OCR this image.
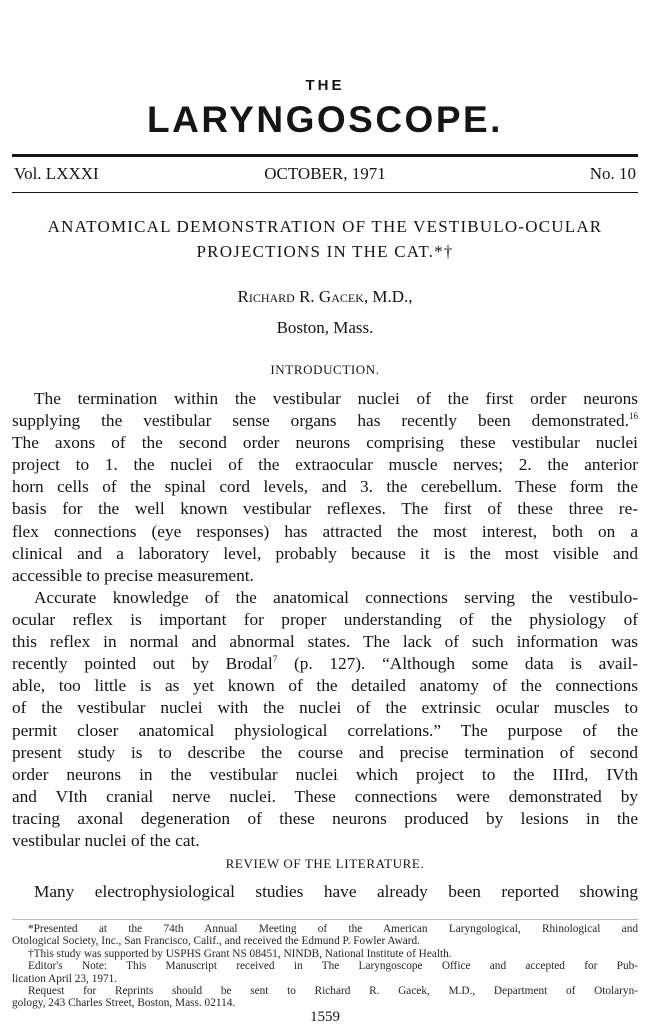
THE
LARYNGOSCOPE.
OCTOBER, 1971
Vol. LXXXI	No. 10
ANATOMICAL DEMONSTRATION OF THE VESTIBULO-OCULAR
PROJECTIONS IN THE CAT.*†
Richard R. Gacek, M.D.,
Boston, Mass.
INTRODUCTION.
The termination within the vestibular nuclei of the first order neurons
supplying the vestibular sense organs has recently been demonstrated.$^{16}$
The axons of the second order neurons comprising these vestibular nuclei
project to 1. the nuclei of the extraocular muscle nerves; 2. the anterior
horn cells of the spinal cord levels, and 3. the cerebellum. These form the
basis for the well known vestibular reflexes. The first of these three re-
flex connections (eye responses) has attracted the most interest, both on a
clinical and a laboratory level, probably because it is the most visible and
accessible to precise measurement.
Accurate knowledge of the anatomical connections serving the vestibulo-
ocular reflex is important for proper understanding of the physiology of
this reflex in normal and abnormal states. The lack of such information was
recently pointed out by Brodal$^7$ (p. 127). “Although some data is avail-
able, too little is as yet known of the detailed anatomy of the connections
of the vestibular nuclei with the nuclei of the extrinsic ocular muscles to
permit closer anatomical physiological correlations.” The purpose of the
present study is to describe the course and precise termination of second
order neurons in the vestibular nuclei which project to the IIIrd, IVth
and VIth cranial nerve nuclei. These connections were demonstrated by
tracing axonal degeneration of these neurons produced by lesions in the
vestibular nuclei of the cat.
REVIEW OF THE LITERATURE.
Many electrophysiological studies have already been reported showing
*Presented at the 74th Annual Meeting of the American Laryngological, Rhinological and
Otological Society, Inc., San Francisco, Calif., and received the Edmund P. Fowler Award.
†This study was supported by USPHS Grant NS 08451, NINDB, National Institute of Health.
Editor's Note: This Manuscript received in The Laryngoscope Office and accepted for Pub-
lication April 23, 1971.
Request for Reprints should be sent to Richard R. Gacek, M.D., Department of Otolaryn-
gology, 243 Charles Street, Boston, Mass. 02114.
1559
